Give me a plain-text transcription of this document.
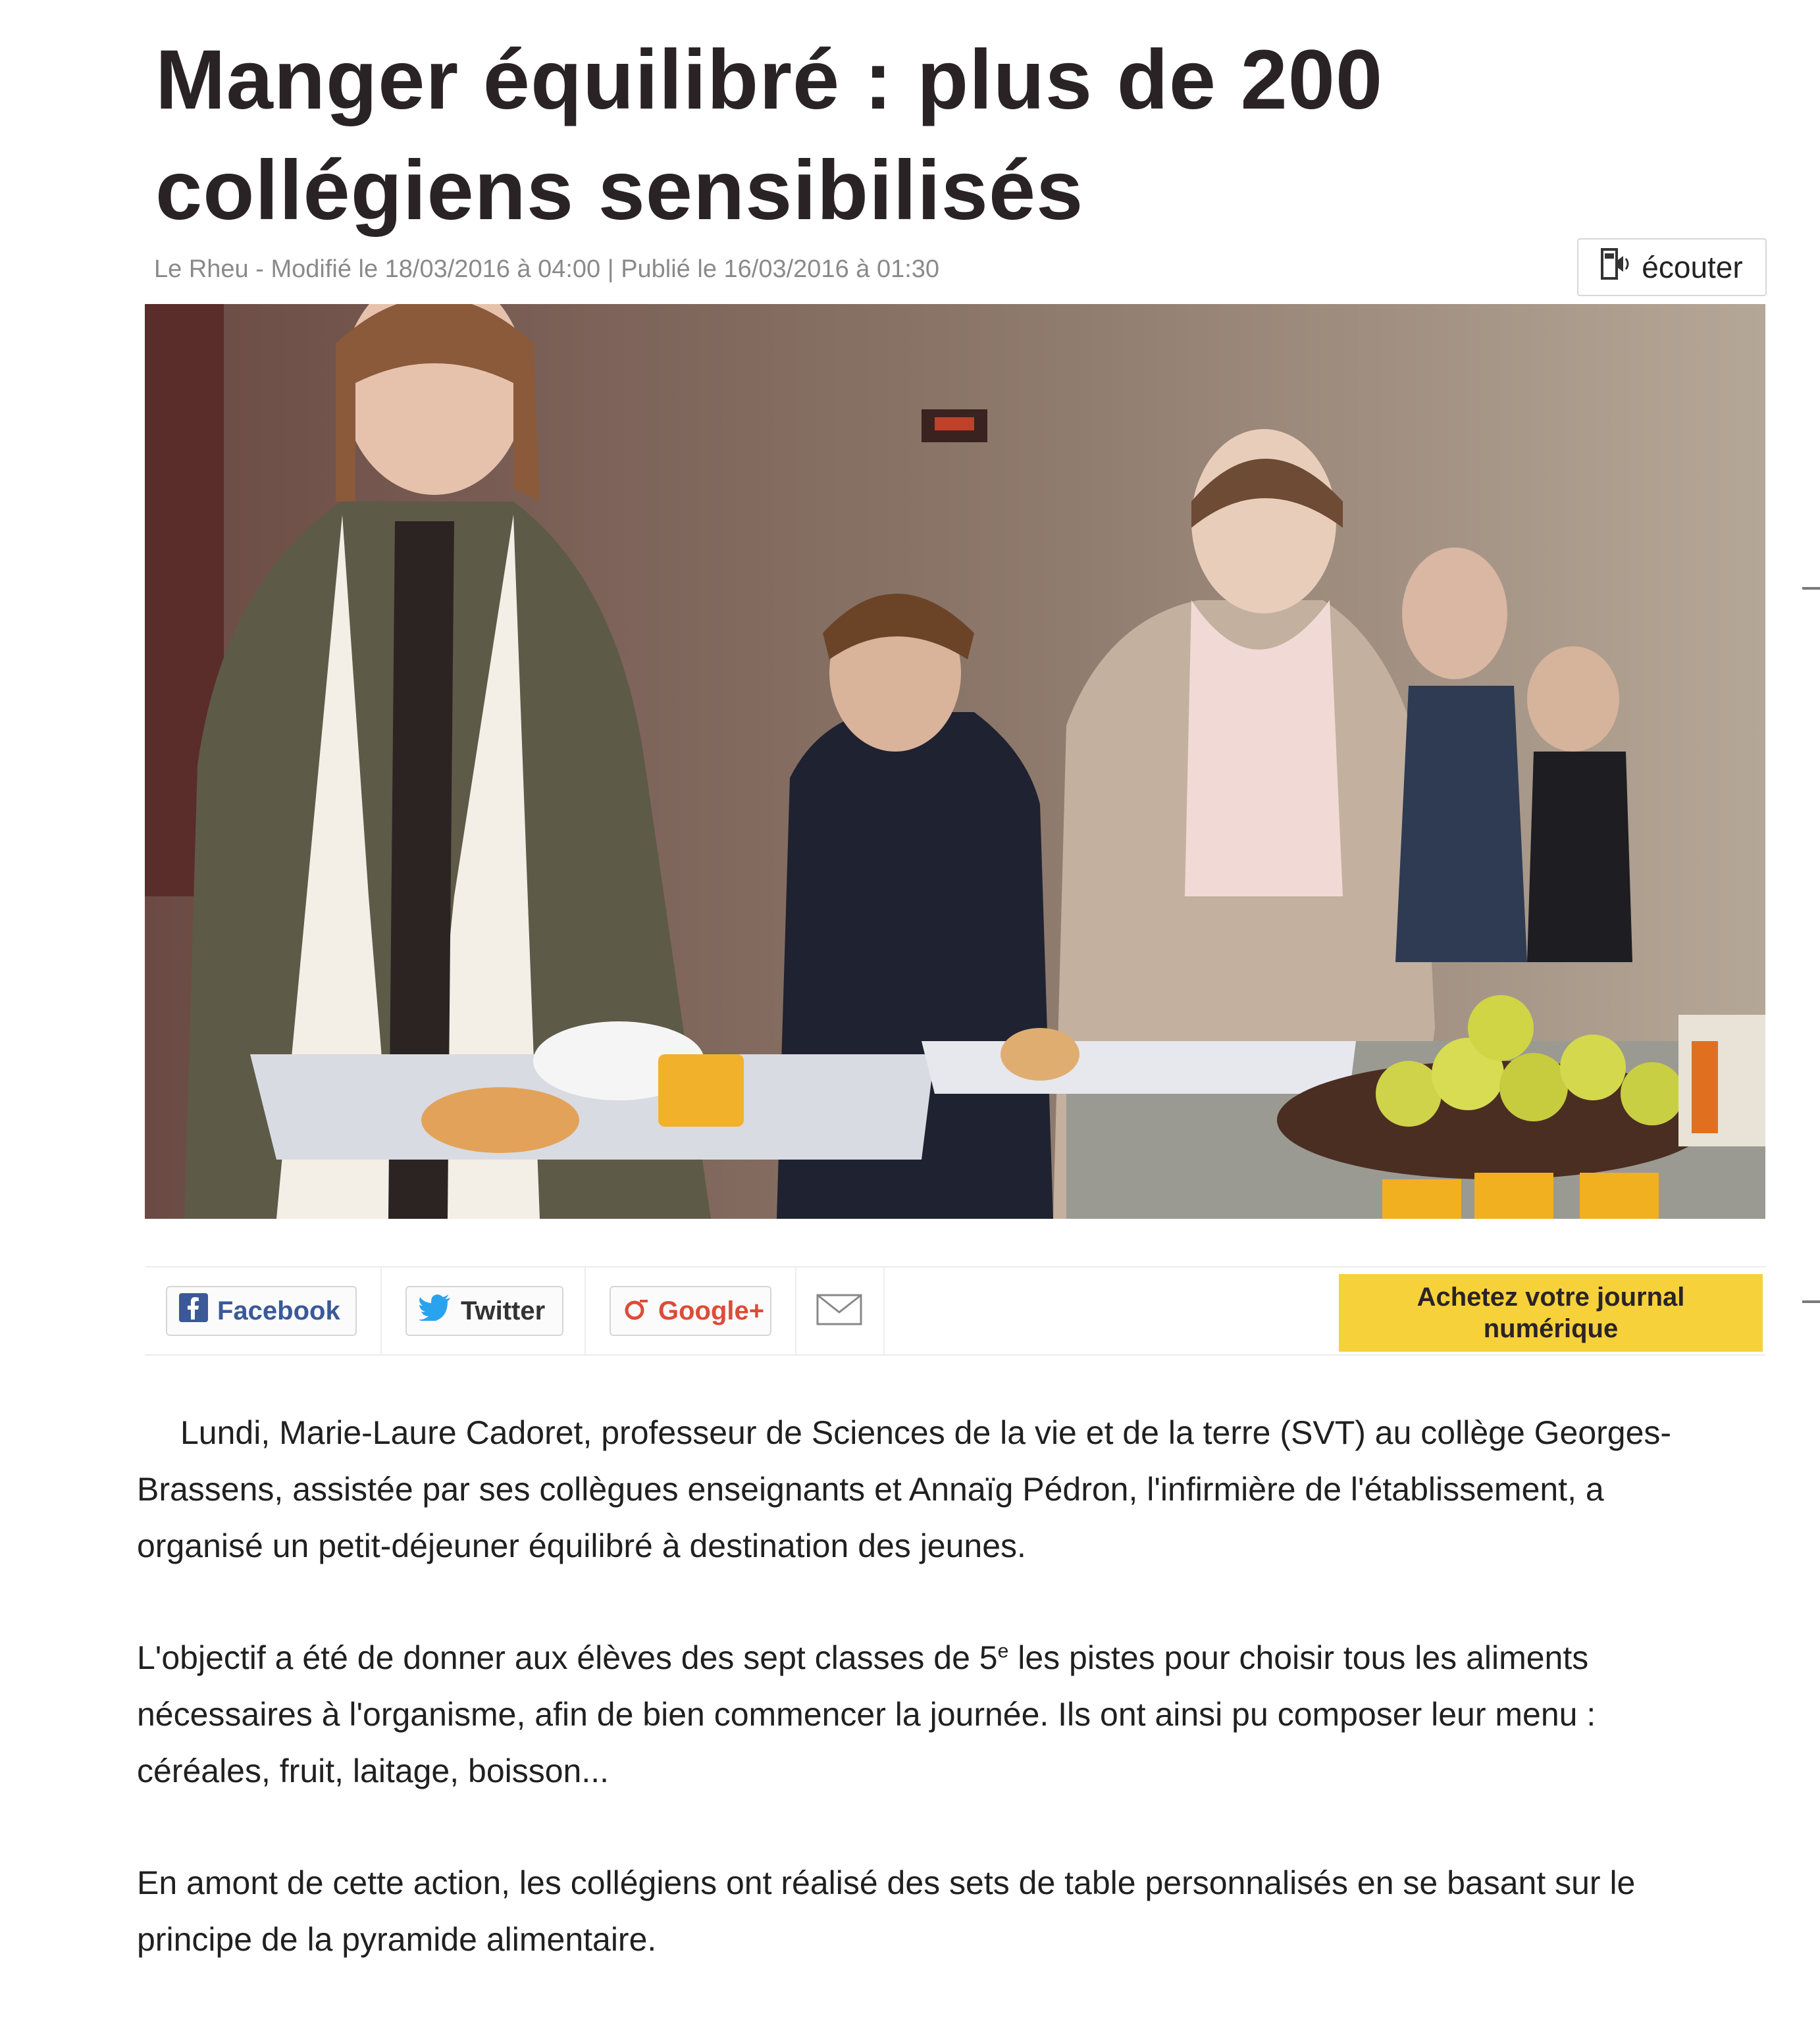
Manger équilibré : plus de 200 collégiens sensibilisés
Le Rheu - Modifié le 18/03/2016 à 04:00 | Publié le 16/03/2016 à 01:30	écouter
Facebook	Twitter	Google+	Achetez votre journal
numérique

Lundi, Marie-Laure Cadoret, professeur de Sciences de la vie et de la terre (SVT) au collège Georges-Brassens, assistée par ses collègues enseignants et Annaïg Pédron, l'infirmière de l'établissement, a organisé un petit-déjeuner équilibré à destination des jeunes.

L'objectif a été de donner aux élèves des sept classes de 5e les pistes pour choisir tous les aliments nécessaires à l'organisme, afin de bien commencer la journée. Ils ont ainsi pu composer leur menu : céréales, fruit, laitage, boisson...

En amont de cette action, les collégiens ont réalisé des sets de table personnalisés en se basant sur le principe de la pyramide alimentaire.
